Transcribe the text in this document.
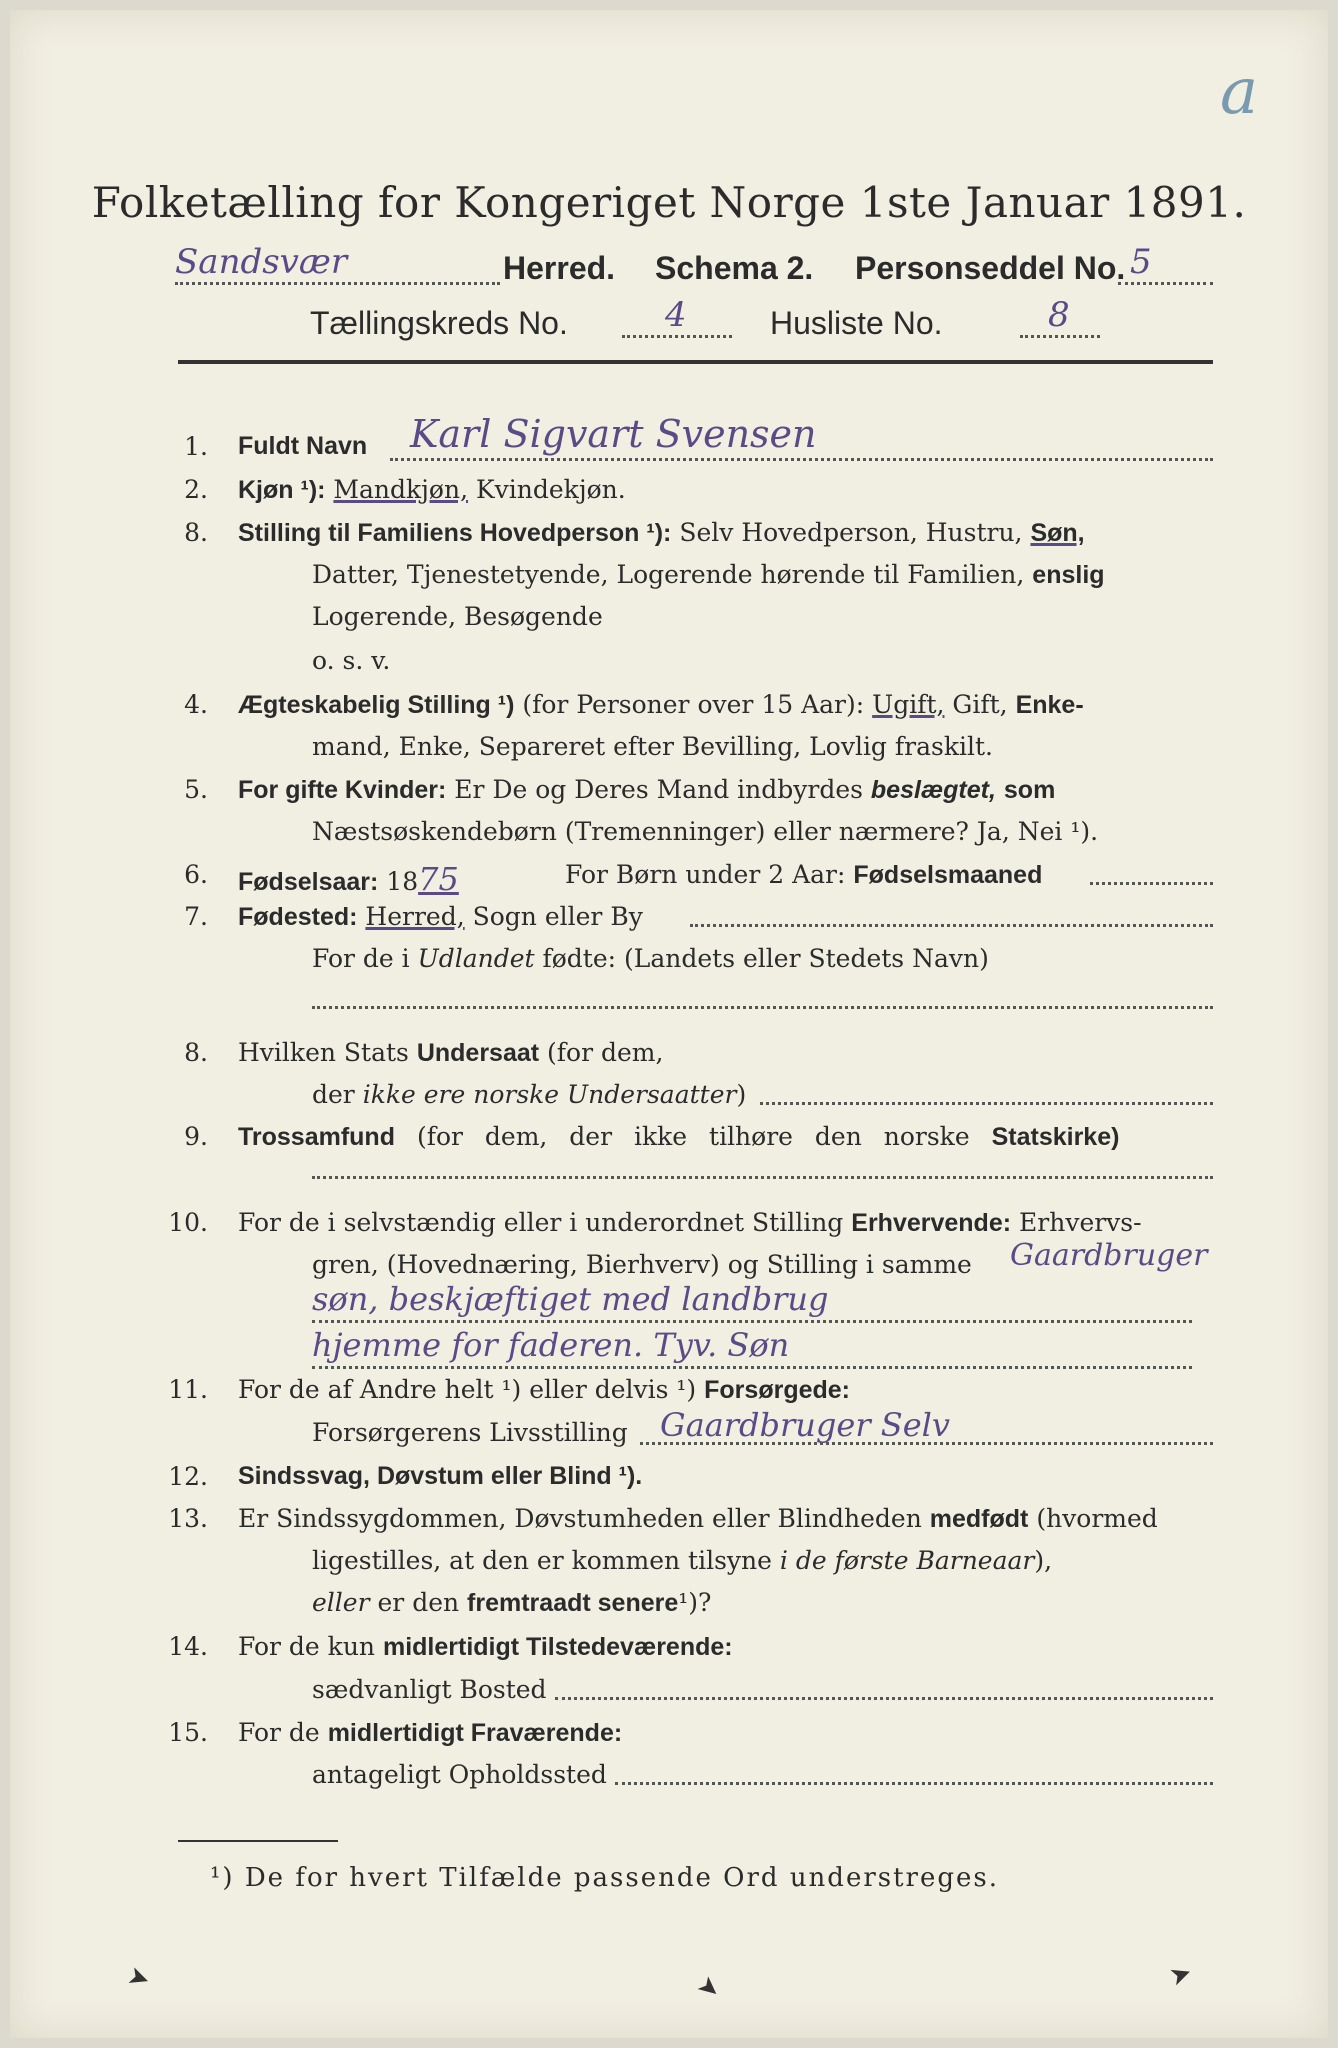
a
Folketælling for Kongeriget Norge 1ste Januar 1891.
Sandsvær	Herred. Schema 2. Personseddel No. 5
Tællingskreds No.	4	Husliste No.	8
1. Fuldt Navn Karl Sigvart Svensen
2. Kjøn ¹): Mandkjøn, Kvindekjøn.
8. Stilling til Familiens Hovedperson ¹): Selv Hovedperson, Hustru, Søn,
Datter, Tjenestetyende, Logerende hørende til Familien, enslig
Logerende, Besøgende
o. s. v.
4. Ægteskabelig Stilling ¹) (for Personer over 15 Aar): Ugift, Gift, Enke-
mand, Enke, Separeret efter Bevilling, Lovlig fraskilt.
5. For gifte Kvinder: Er De og Deres Mand indbyrdes beslægtet, som
Næstsøskendebørn (Tremenninger) eller nærmere? Ja, Nei ¹).
6. Fødselsaar: 1875	For Børn under 2 Aar: Fødselsmaaned
7. Fødested: Herred, Sogn eller By
For de i Udlandet fødte: (Landets eller Stedets Navn)
8. Hvilken Stats Undersaat (for dem,
der ikke ere norske Undersaatter)
9. Trossamfund (for dem, der ikke tilhøre den norske Statskirke)
10. For de i selvstændig eller i underordnet Stilling Erhvervende: Erhvervs-
gren, (Hovednæring, Bierhverv) og Stilling i samme Gaardbruger
søn, beskjæftiget med landbrug
hjemme for faderen. Tyv. Søn
11. For de af Andre helt ¹) eller delvis ¹) Forsørgede:
Forsørgerens Livsstilling Gaardbruger Selv
12. Sindssvag, Døvstum eller Blind ¹).
13. Er Sindssygdommen, Døvstumheden eller Blindheden medfødt (hvormed
ligestilles, at den er kommen tilsyne i de første Barneaar),
eller er den fremtraadt senere¹)?
14. For de kun midlertidigt Tilstedeværende:
sædvanligt Bosted
15. For de midlertidigt Fraværende:
antageligt Opholdssted
¹) De for hvert Tilfælde passende Ord understreges.
➤	➤	➤
